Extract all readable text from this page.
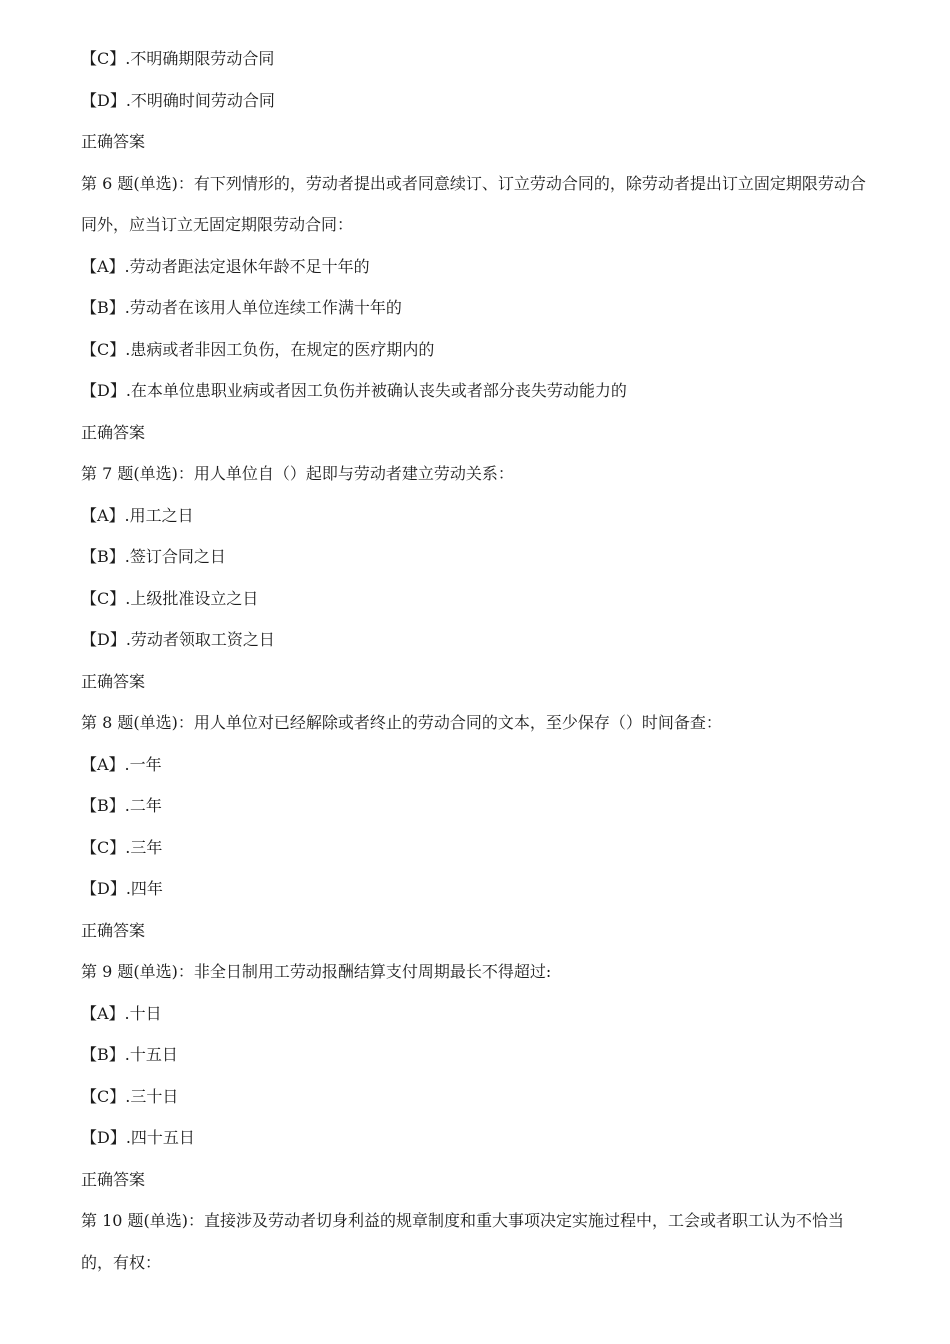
【C】.不明确期限劳动合同
【D】.不明确时间劳动合同
正确答案
第 6 题(单选)：有下列情形的，劳动者提出或者同意续订、订立劳动合同的，除劳动者提出订立固定期限劳动合同外，应当订立无固定期限劳动合同：
【A】.劳动者距法定退休年龄不足十年的
【B】.劳动者在该用人单位连续工作满十年的
【C】.患病或者非因工负伤，在规定的医疗期内的
【D】.在本单位患职业病或者因工负伤并被确认丧失或者部分丧失劳动能力的
正确答案
第 7 题(单选)：用人单位自（）起即与劳动者建立劳动关系：
【A】.用工之日
【B】.签订合同之日
【C】.上级批准设立之日
【D】.劳动者领取工资之日
正确答案
第 8 题(单选)：用人单位对已经解除或者终止的劳动合同的文本，至少保存（）时间备查：
【A】.一年
【B】.二年
【C】.三年
【D】.四年
正确答案
第 9 题(单选)：非全日制用工劳动报酬结算支付周期最长不得超过:
【A】.十日
【B】.十五日
【C】.三十日
【D】.四十五日
正确答案
第 10 题(单选)：直接涉及劳动者切身利益的规章制度和重大事项决定实施过程中，工会或者职工认为不恰当的，有权：
